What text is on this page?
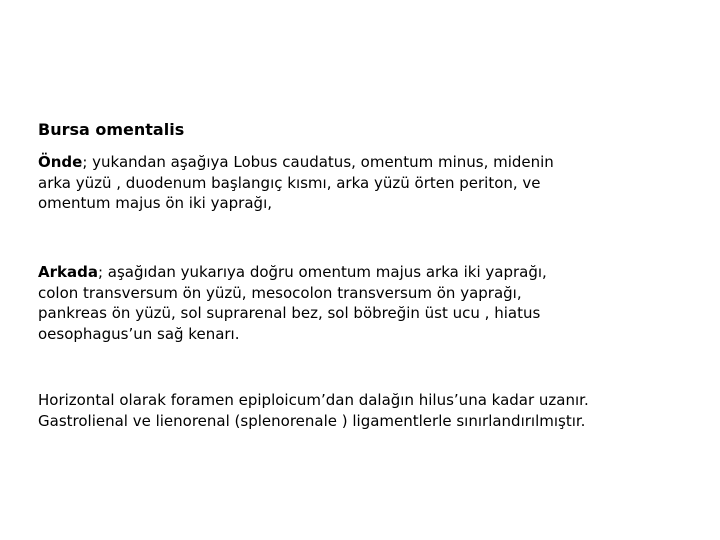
Bursa omentalis

Önde; yukandan aşağıya Lobus caudatus, omentum minus, midenin
arka yüzü , duodenum başlangıç kısmı, arka yüzü örten periton, ve
omentum majus ön iki yaprağı,

Arkada; aşağıdan yukarıya doğru omentum majus arka iki yaprağı,
colon transversum ön yüzü, mesocolon transversum ön yaprağı,
pankreas ön yüzü, sol suprarenal bez, sol böbreğin üst ucu , hiatus
oesophagus’un sağ kenarı.

Horizontal olarak foramen epiploicum’dan dalağın hilus’una kadar uzanır.
Gastrolienal ve lienorenal (splenorenale ) ligamentlerle sınırlandırılmıştır.
